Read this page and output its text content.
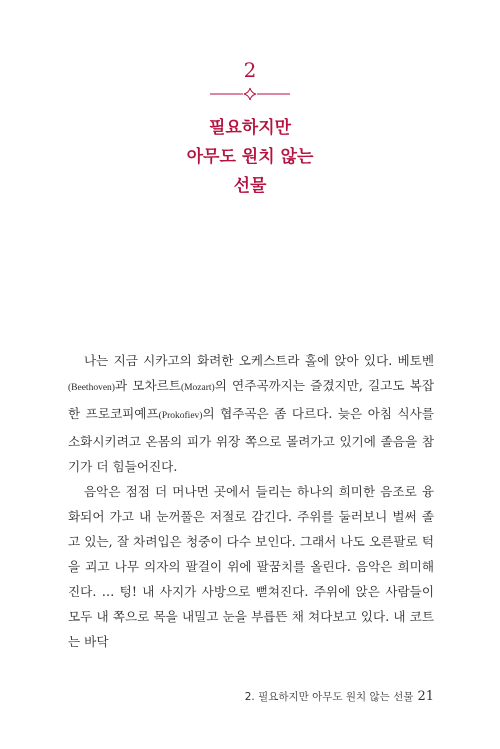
2
필요하지만
아무도 원치 않는
선물

나는 지금 시카고의 화려한 오케스트라 홀에 앉아 있다. 베토벤(Beethoven)과 모차르트(Mozart)의 연주곡까지는 즐겼지만, 길고도 복잡한 프로코피예프(Prokofiev)의 협주곡은 좀 다르다. 늦은 아침 식사를 소화시키려고 온몸의 피가 위장 쪽으로 몰려가고 있기에 졸음을 참기가 더 힘들어진다.

음악은 점점 더 머나먼 곳에서 들리는 하나의 희미한 음조로 융화되어 가고 내 눈꺼풀은 저절로 감긴다. 주위를 둘러보니 벌써 졸고 있는, 잘 차려입은 청중이 다수 보인다. 그래서 나도 오른팔로 턱을 괴고 나무 의자의 팔걸이 위에 팔꿈치를 올린다. 음악은 희미해진다. … 텅! 내 사지가 사방으로 뻗쳐진다. 주위에 앉은 사람들이 모두 내 쪽으로 목을 내밀고 눈을 부릅뜬 채 쳐다보고 있다. 내 코트는 바닥

2. 필요하지만 아무도 원치 않는 선물 21
